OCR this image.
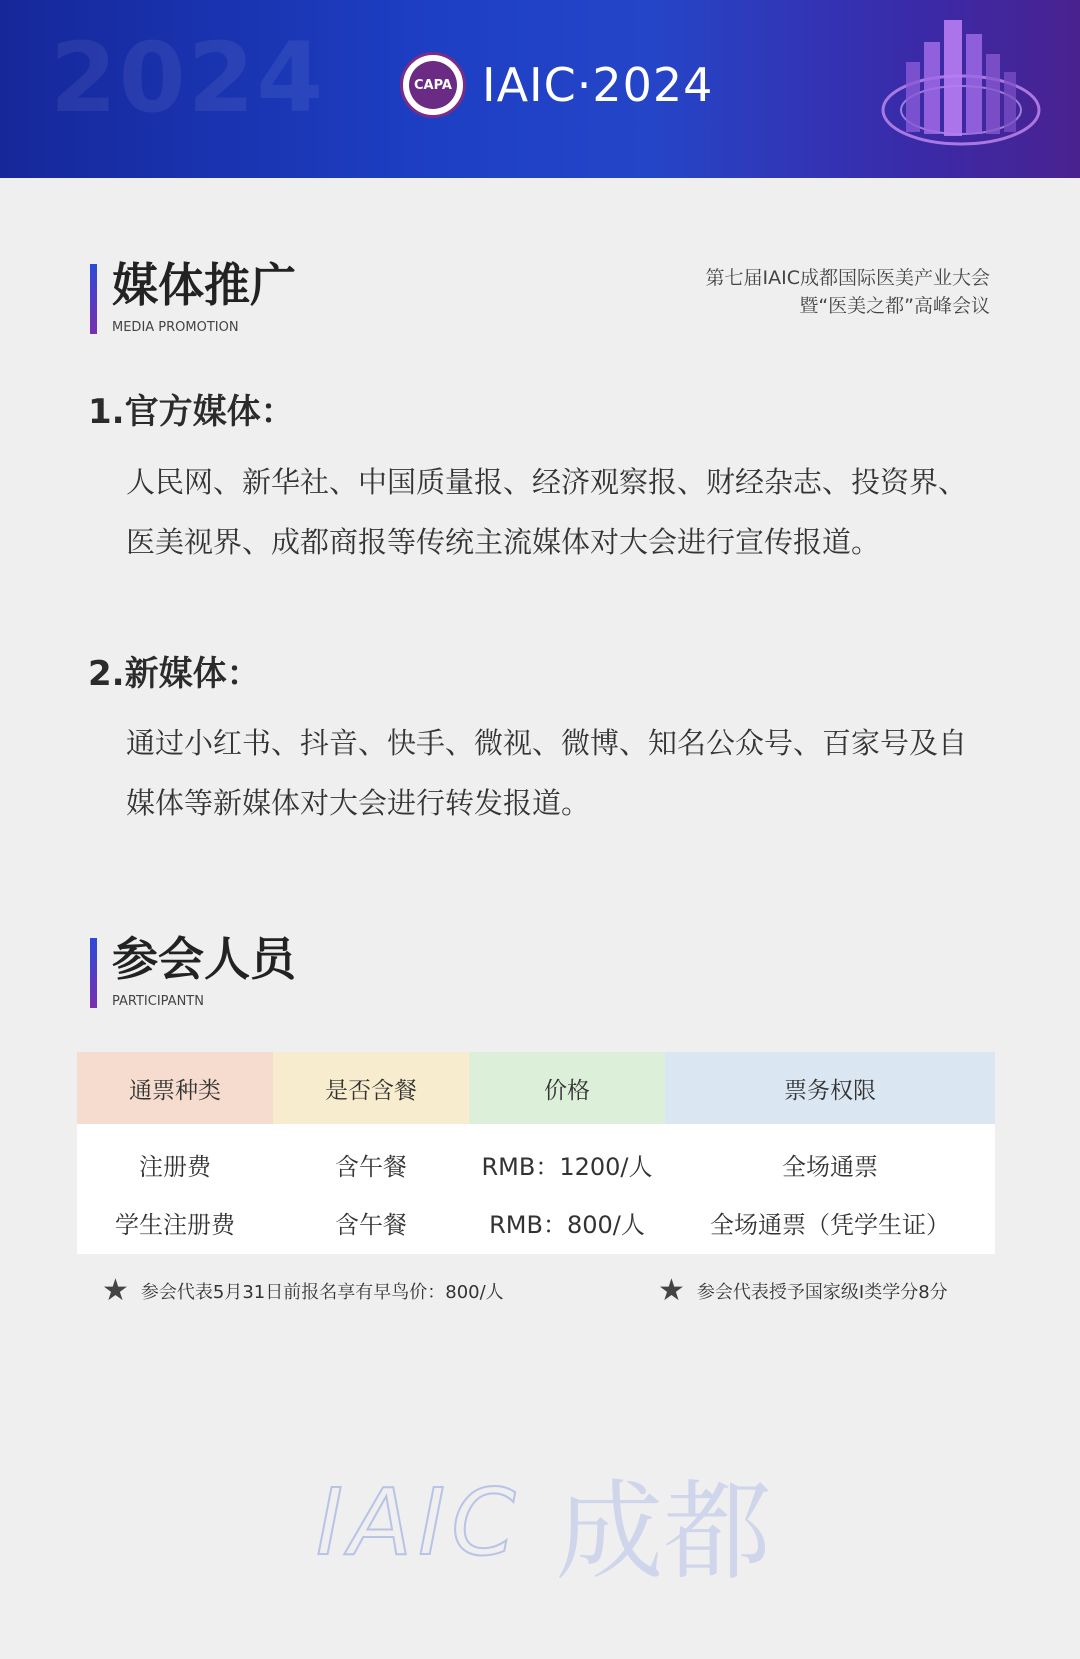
2024	CAPA IAIC·2024
媒体推广
MEDIA PROMOTION
第七届IAIC成都国际医美产业大会
暨“医美之都”高峰会议
1.官方媒体：
人民网、新华社、中国质量报、经济观察报、财经杂志、投资界、
医美视界、成都商报等传统主流媒体对大会进行宣传报道。
2.新媒体：
通过小红书、抖音、快手、微视、微博、知名公众号、百家号及自
媒体等新媒体对大会进行转发报道。
参会人员
PARTICIPANTN
通票种类	是否含餐	价格	票务权限
注册费	含午餐	RMB：1200/人	全场通票
学生注册费	含午餐	RMB：800/人	全场通票（凭学生证）
★ 参会代表5月31日前报名享有早鸟价：800/人	★ 参会代表授予国家级Ⅰ类学分8分
IAIC 成都
